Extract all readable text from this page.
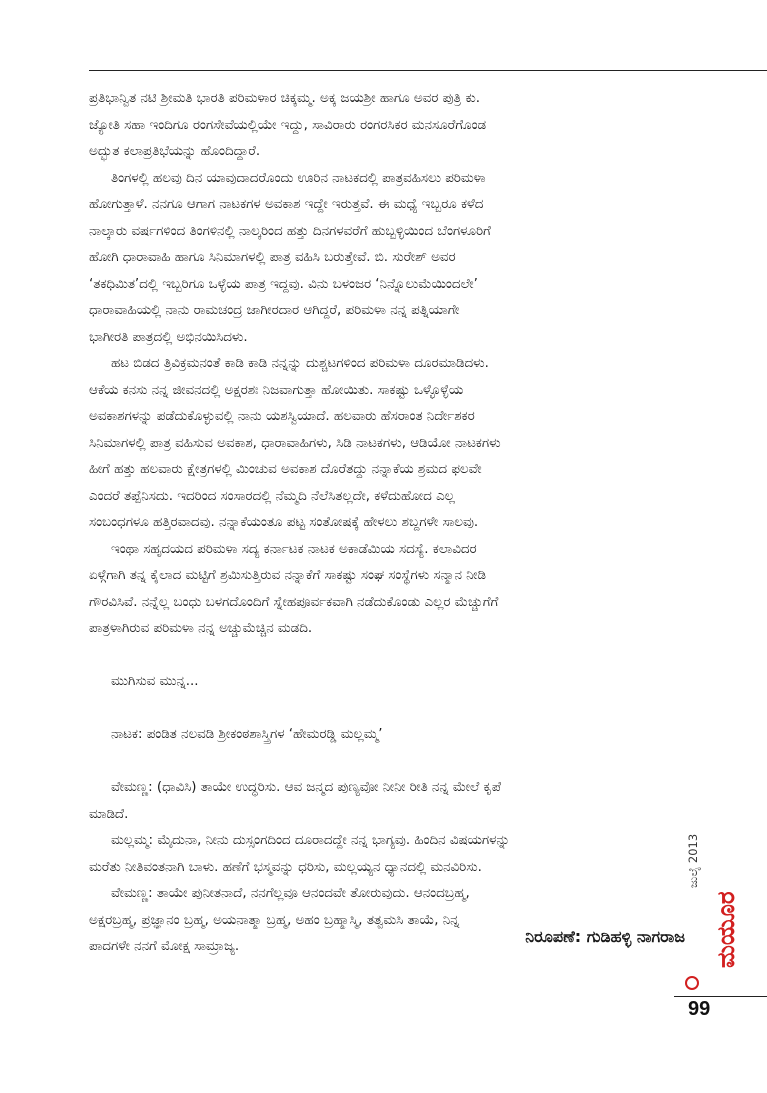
ಪ್ರತಿಭಾನ್ವಿತ ನಟಿ ಶ್ರೀಮತಿ ಭಾರತಿ ಪರಿಮಳಾರ ಚಿಕ್ಕಮ್ಮ. ಅಕ್ಕ ಜಯಶ್ರೀ ಹಾಗೂ ಅವರ ಪುತ್ರಿ ಕು.

ಜ್ಯೋತಿ ಸಹಾ ಇಂದಿಗೂ ರಂಗಸೇವೆಯಲ್ಲಿಯೇ ಇದ್ದು, ಸಾವಿರಾರು ರಂಗರಸಿಕರ ಮನಸೂರೆಗೊಂಡ

ಅದ್ಭುತ ಕಲಾಪ್ರತಿಭೆಯನ್ನು ಹೊಂದಿದ್ದಾರೆ.

ತಿಂಗಳಲ್ಲಿ ಹಲವು ದಿನ ಯಾವುದಾದರೊಂದು ಊರಿನ ನಾಟಕದಲ್ಲಿ ಪಾತ್ರವಹಿಸಲು ಪರಿಮಳಾ

ಹೋಗುತ್ತಾಳೆ. ನನಗೂ ಆಗಾಗ ನಾಟಕಗಳ ಅವಕಾಶ ಇದ್ದೇ ಇರುತ್ತವೆ. ಈ ಮಧ್ಯೆ ಇಬ್ಬರೂ ಕಳೆದ

ನಾಲ್ಕಾರು ವರ್ಷಗಳಿಂದ ತಿಂಗಳಿನಲ್ಲಿ ನಾಲ್ಕರಿಂದ ಹತ್ತು ದಿನಗಳವರೆಗೆ ಹುಬ್ಬಳ್ಳಿಯಿಂದ ಬೆಂಗಳೂರಿಗೆ

ಹೋಗಿ ಧಾರಾವಾಹಿ ಹಾಗೂ ಸಿನಿಮಾಗಳಲ್ಲಿ ಪಾತ್ರ ವಹಿಸಿ ಬರುತ್ತೇವೆ. ಬಿ. ಸುರೇಶ್ ಅವರ

‘ತಕಧಿಮಿತ’ದಲ್ಲಿ ಇಬ್ಬರಿಗೂ ಒಳ್ಳೆಯ ಪಾತ್ರ ಇದ್ದವು. ವಿನು ಬಳಂಜರ ‘ನಿನ್ನೊಲುಮೆಯಿಂದಲೇ’

ಧಾರಾವಾಹಿಯಲ್ಲಿ ನಾನು ರಾಮಚಂದ್ರ ಜಾಗೀರದಾರ ಆಗಿದ್ದರೆ, ಪರಿಮಳಾ ನನ್ನ ಪತ್ನಿಯಾಗೇ

ಭಾಗೀರತಿ ಪಾತ್ರದಲ್ಲಿ ಅಭಿನಯಿಸಿದಳು.

ಹಟ ಬಿಡದ ತ್ರಿವಿಕ್ರಮನಂತೆ ಕಾಡಿ ಕಾಡಿ ನನ್ನನ್ನು ದುಶ್ಚಟಗಳಿಂದ ಪರಿಮಳಾ ದೂರಮಾಡಿದಳು.

ಆಕೆಯ ಕನಸು ನನ್ನ ಜೀವನದಲ್ಲಿ ಅಕ್ಷರಶಃ ನಿಜವಾಗುತ್ತಾ ಹೋಯಿತು. ಸಾಕಷ್ಟು ಒಳ್ಳೊಳ್ಳೆಯ

ಅವಕಾಶಗಳನ್ನು ಪಡೆದುಕೊಳ್ಳುವಲ್ಲಿ ನಾನು ಯಶಸ್ವಿಯಾದೆ. ಹಲವಾರು ಹೆಸರಾಂತ ನಿರ್ದೇಶಕರ

ಸಿನಿಮಾಗಳಲ್ಲಿ ಪಾತ್ರ ವಹಿಸುವ ಅವಕಾಶ, ಧಾರಾವಾಹಿಗಳು, ಸಿಡಿ ನಾಟಕಗಳು, ಆಡಿಯೋ ನಾಟಕಗಳು

ಹೀಗೆ ಹತ್ತು ಹಲವಾರು ಕ್ಷೇತ್ರಗಳಲ್ಲಿ ಮಿಂಚುವ ಅವಕಾಶ ದೊರೆತದ್ದು ನನ್ನಾಕೆಯ ಶ್ರಮದ ಫಲವೇ

ಎಂದರೆ ತಪ್ಪೆನಿಸದು. ಇದರಿಂದ ಸಂಸಾರದಲ್ಲಿ ನೆಮ್ಮದಿ ನೆಲೆಸಿತಲ್ಲದೇ, ಕಳೆದುಹೋದ ಎಲ್ಲ

ಸಂಬಂಧಗಳೂ ಹತ್ತಿರವಾದವು. ನನ್ನಾಕೆಯಂತೂ ಪಟ್ಟ ಸಂತೋಷಕ್ಕೆ ಹೇಳಲು ಶಬ್ದಗಳೇ ಸಾಲವು.

ಇಂಥಾ ಸಹೃದಯದ ಪರಿಮಳಾ ಸದ್ಯ ಕರ್ನಾಟಕ ನಾಟಕ ಅಕಾಡೆಮಿಯ ಸದಸ್ಯೆ. ಕಲಾವಿದರ

ಏಳ್ಗೆಗಾಗಿ ತನ್ನ ಕೈಲಾದ ಮಟ್ಟಿಗೆ ಶ್ರಮಿಸುತ್ತಿರುವ ನನ್ನಾಕೆಗೆ ಸಾಕಷ್ಟು ಸಂಘ ಸಂಸ್ಥೆಗಳು ಸನ್ಮಾನ ನೀಡಿ

ಗೌರವಿಸಿವೆ. ನನ್ನೆಲ್ಲ ಬಂಧು ಬಳಗದೊಂದಿಗೆ ಸ್ನೇಹಪೂರ್ವಕವಾಗಿ ನಡೆದುಕೊಂಡು ಎಲ್ಲರ ಮೆಚ್ಚುಗೆಗೆ

ಪಾತ್ರಳಾಗಿರುವ ಪರಿಮಳಾ ನನ್ನ ಅಚ್ಚುಮೆಚ್ಚಿನ ಮಡದಿ.

ಮುಗಿಸುವ ಮುನ್ನ...

ನಾಟಕ: ಪಂಡಿತ ನಲವಡಿ ಶ್ರೀಕಂಠಶಾಸ್ತ್ರಿಗಳ ‘ಹೇಮರಡ್ಡಿ ಮಲ್ಲಮ್ಮ’

ವೇಮಣ್ಣ: (ಧಾವಿಸಿ) ತಾಯೇ ಉದ್ಧರಿಸು. ಆವ ಜನ್ಮದ ಪುಣ್ಯವೋ ನೀನೀ ರೀತಿ ನನ್ನ ಮೇಲೆ ಕೃಪೆ

ಮಾಡಿದೆ.

ಮಲ್ಲಮ್ಮ: ಮೈದುನಾ, ನೀನು ದುಸ್ಸಂಗದಿಂದ ದೂರಾದದ್ದೇ ನನ್ನ ಭಾಗ್ಯವು. ಹಿಂದಿನ ವಿಷಯಗಳನ್ನು

ಮರೆತು ನೀತಿವಂತನಾಗಿ ಬಾಳು. ಹಣೆಗೆ ಭಸ್ಮವನ್ನು ಧರಿಸು, ಮಲ್ಲಯ್ಯನ ಧ್ಯಾನದಲ್ಲಿ ಮನವಿರಿಸು.

ವೇಮಣ್ಣ: ತಾಯೇ ಪುನೀತನಾದೆ, ನನಗೆಲ್ಲವೂ ಆನಂದವೇ ತೋರುವುದು. ಆನಂದಬ್ರಹ್ಮ,

ಅಕ್ಷರಬ್ರಹ್ಮ, ಪ್ರಜ್ಞಾನಂ ಬ್ರಹ್ಮ, ಅಯನಾತ್ಮಾ ಬ್ರಹ್ಮ, ಅಹಂ ಬ್ರಹ್ಮಾಸ್ಮಿ, ತತ್ವಮಸಿ ತಾಯೆ, ನಿನ್ನ

ಪಾದಗಳೇ ನನಗೆ ಮೋಕ್ಷ ಸಾಮ್ರಾಜ್ಯ.

ನಿರೂಪಣೆ: ಗುಡಿಹಳ್ಳಿ ನಾಗರಾಜ
ಜುಲೈ 2013
ಮಯೂರ
99
